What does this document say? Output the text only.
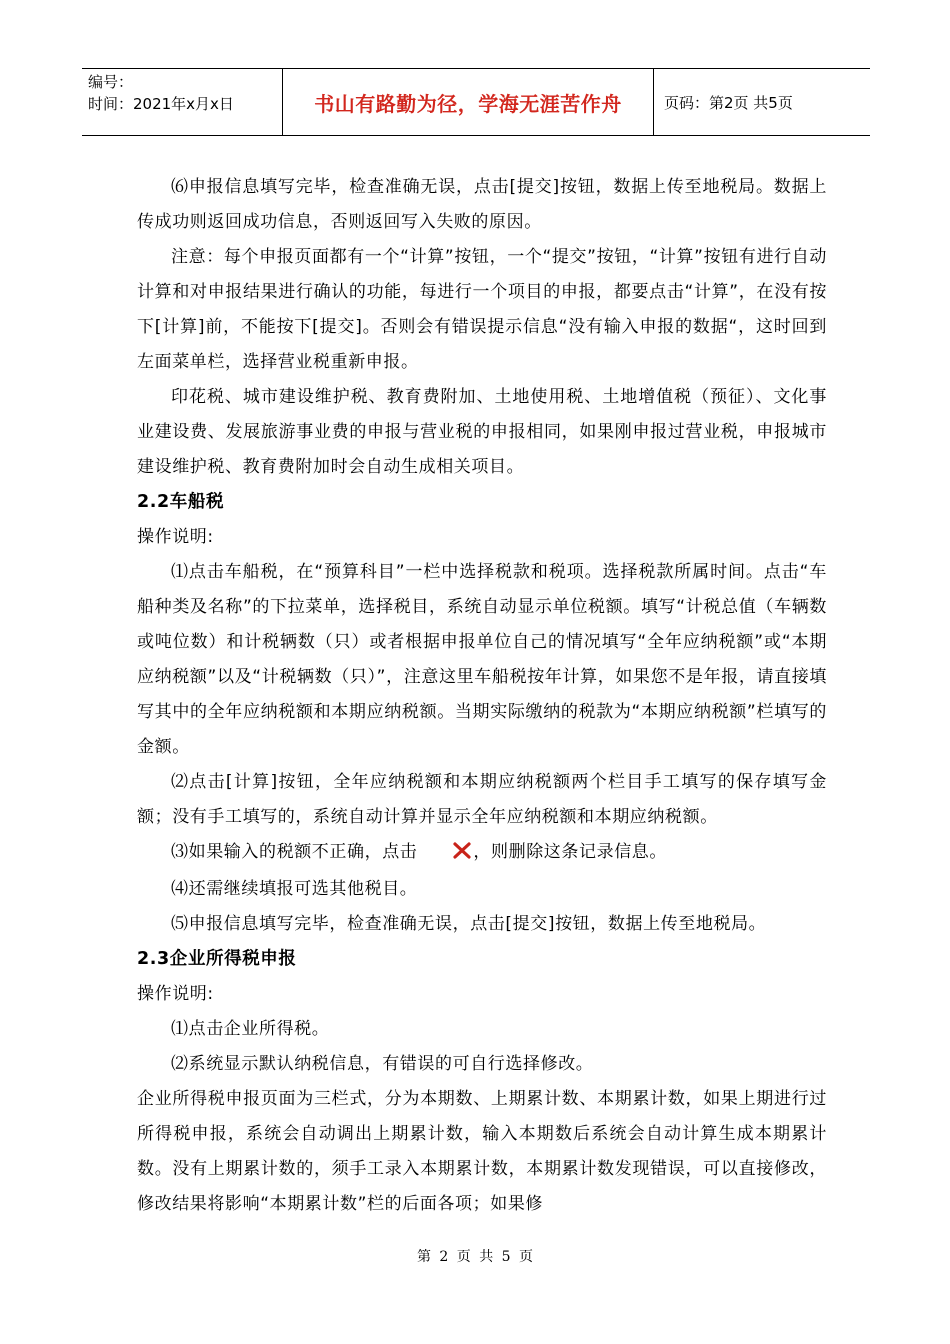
编号：
时间：2021年x月x日	书山有路勤为径，学海无涯苦作舟	页码：第2页 共5页

⑹申报信息填写完毕，检查准确无误，点击[提交]按钮，数据上传至地税局。数据上传成功则返回成功信息，否则返回写入失败的原因。

注意：每个申报页面都有一个“计算”按钮，一个“提交”按钮，“计算”按钮有进行自动计算和对申报结果进行确认的功能，每进行一个项目的申报，都要点击“计算”，在没有按下[计算]前，不能按下[提交]。否则会有错误提示信息“没有输入申报的数据“，这时回到左面菜单栏，选择营业税重新申报。

印花税、城市建设维护税、教育费附加、土地使用税、土地增值税（预征）、文化事业建设费、发展旅游事业费的申报与营业税的申报相同，如果刚申报过营业税，申报城市建设维护税、教育费附加时会自动生成相关项目。

2.2车船税

操作说明:

⑴点击车船税，在“预算科目”一栏中选择税款和税项。选择税款所属时间。点击“车船种类及名称”的下拉菜单，选择税目，系统自动显示单位税额。填写“计税总值（车辆数或吨位数）和计税辆数（只）或者根据申报单位自己的情况填写“全年应纳税额”或“本期应纳税额”以及“计税辆数（只）”，注意这里车船税按年计算，如果您不是年报，请直接填写其中的全年应纳税额和本期应纳税额。当期实际缴纳的税款为“本期应纳税额”栏填写的金额。

⑵点击[计算]按钮，全年应纳税额和本期应纳税额两个栏目手工填写的保存填写金额；没有手工填写的，系统自动计算并显示全年应纳税额和本期应纳税额。

⑶如果输入的税额不正确，点击	，则删除这条记录信息。

⑷还需继续填报可选其他税目。

⑸申报信息填写完毕，检查准确无误，点击[提交]按钮，数据上传至地税局。

2.3企业所得税申报

操作说明:

⑴点击企业所得税。

⑵系统显示默认纳税信息，有错误的可自行选择修改。

企业所得税申报页面为三栏式，分为本期数、上期累计数、本期累计数，如果上期进行过所得税申报，系统会自动调出上期累计数，输入本期数后系统会自动计算生成本期累计数。没有上期累计数的，须手工录入本期累计数，本期累计数发现错误，可以直接修改，修改结果将影响“本期累计数”栏的后面各项；如果修

第 2 页 共 5 页
